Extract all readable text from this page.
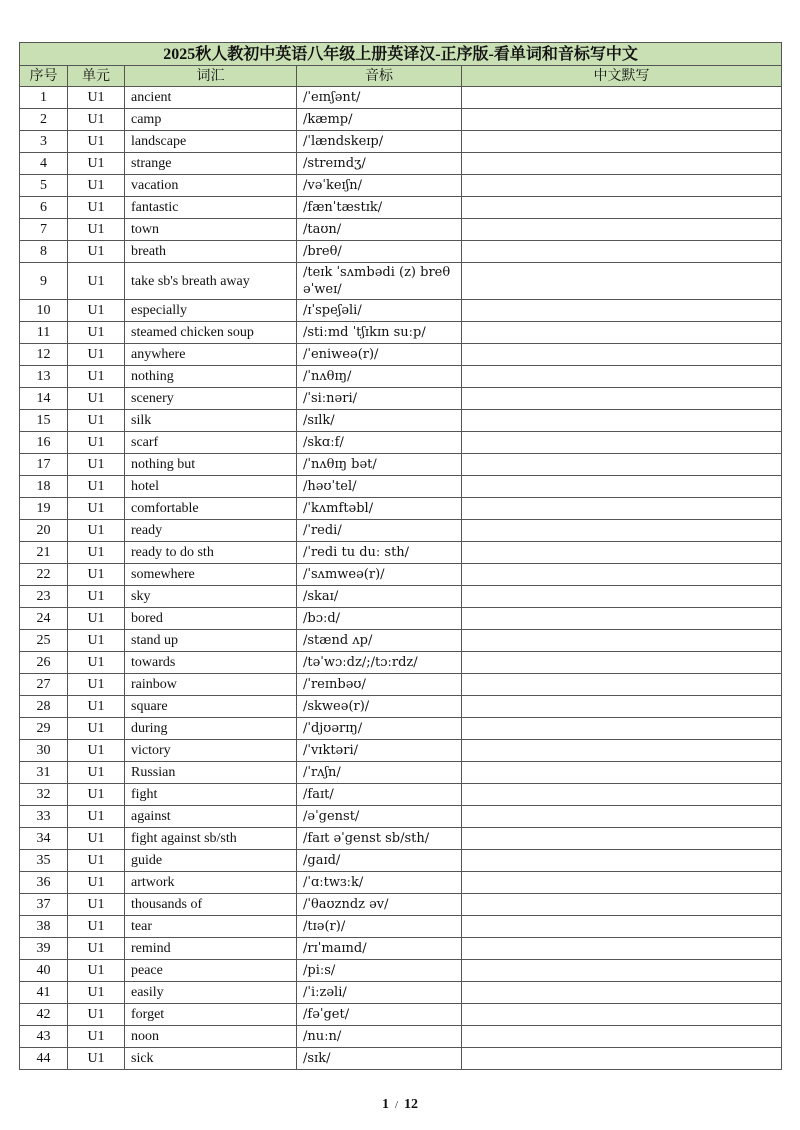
2025秋人教初中英语八年级上册英译汉-正序版-看单词和音标写中文				
序号	单元	词汇	音标	中文默写
1	U1	ancient	/ˈeɪnʃənt/	
2	U1	camp	/kæmp/	
3	U1	landscape	/ˈlændskeɪp/	
4	U1	strange	/streɪndʒ/	
5	U1	vacation	/vəˈkeɪʃn/	
6	U1	fantastic	/fænˈtæstɪk/	
7	U1	town	/taʊn/	
8	U1	breath	/breθ/	
9	U1	take sb's breath away	/teɪk ˈsʌmbədi (z) breθ əˈweɪ/	
10	U1	especially	/ɪˈspeʃəli/	
11	U1	steamed chicken soup	/stiːmd ˈtʃɪkɪn suːp/	
12	U1	anywhere	/ˈeniweə(r)/	
13	U1	nothing	/ˈnʌθɪŋ/	
14	U1	scenery	/ˈsiːnəri/	
15	U1	silk	/sɪlk/	
16	U1	scarf	/skɑːf/	
17	U1	nothing but	/ˈnʌθɪŋ bət/	
18	U1	hotel	/həʊˈtel/	
19	U1	comfortable	/ˈkʌmftəbl/	
20	U1	ready	/ˈredi/	
21	U1	ready to do sth	/ˈredi tu duː sth/	
22	U1	somewhere	/ˈsʌmweə(r)/	
23	U1	sky	/skaɪ/	
24	U1	bored	/bɔːd/	
25	U1	stand up	/stænd ʌp/	
26	U1	towards	/təˈwɔːdz/;/tɔːrdz/	
27	U1	rainbow	/ˈreɪnbəʊ/	
28	U1	square	/skweə(r)/	
29	U1	during	/ˈdjʊərɪŋ/	
30	U1	victory	/ˈvɪktəri/	
31	U1	Russian	/ˈrʌʃn/	
32	U1	fight	/faɪt/	
33	U1	against	/əˈgenst/	
34	U1	fight against sb/sth	/faɪt əˈgenst sb/sth/	
35	U1	guide	/gaɪd/	
36	U1	artwork	/ˈɑːtwɜːk/	
37	U1	thousands of	/ˈθaʊzndz əv/	
38	U1	tear	/tɪə(r)/	
39	U1	remind	/rɪˈmaɪnd/	
40	U1	peace	/piːs/	
41	U1	easily	/ˈiːzəli/	
42	U1	forget	/fəˈget/	
43	U1	noon	/nuːn/	
44	U1	sick	/sɪk/	
1 / 12
